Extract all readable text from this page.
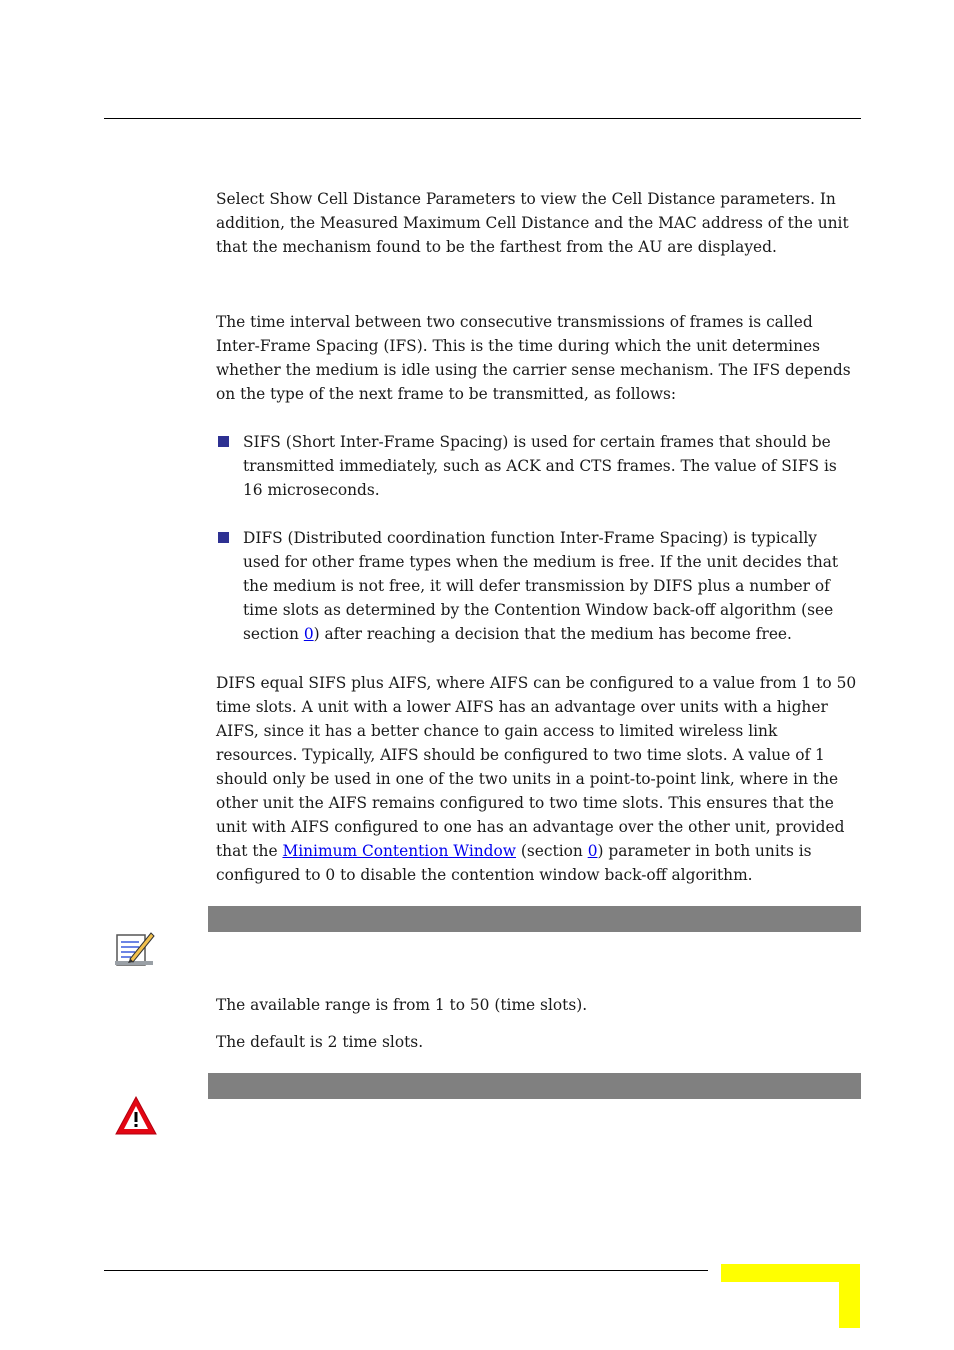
Select Show Cell Distance Parameters to view the Cell Distance parameters. In addition, the Measured Maximum Cell Distance and the MAC address of the unit that the mechanism found to be the farthest from the AU are displayed.

The time interval between two consecutive transmissions of frames is called Inter-Frame Spacing (IFS). This is the time during which the unit determines whether the medium is idle using the carrier sense mechanism. The IFS depends on the type of the next frame to be transmitted, as follows:

SIFS (Short Inter-Frame Spacing) is used for certain frames that should be transmitted immediately, such as ACK and CTS frames. The value of SIFS is 16 microseconds.

DIFS (Distributed coordination function Inter-Frame Spacing) is typically used for other frame types when the medium is free. If the unit decides that the medium is not free, it will defer transmission by DIFS plus a number of time slots as determined by the Contention Window back-off algorithm (see section 0) after reaching a decision that the medium has become free.

DIFS equal SIFS plus AIFS, where AIFS can be configured to a value from 1 to 50 time slots. A unit with a lower AIFS has an advantage over units with a higher AIFS, since it has a better chance to gain access to limited wireless link resources. Typically, AIFS should be configured to two time slots. A value of 1 should only be used in one of the two units in a point-to-point link, where in the other unit the AIFS remains configured to two time slots. This ensures that the unit with AIFS configured to one has an advantage over the other unit, provided that the Minimum Contention Window (section 0) parameter in both units is configured to 0 to disable the contention window back-off algorithm.

The available range is from 1 to 50 (time slots).

The default is 2 time slots.
